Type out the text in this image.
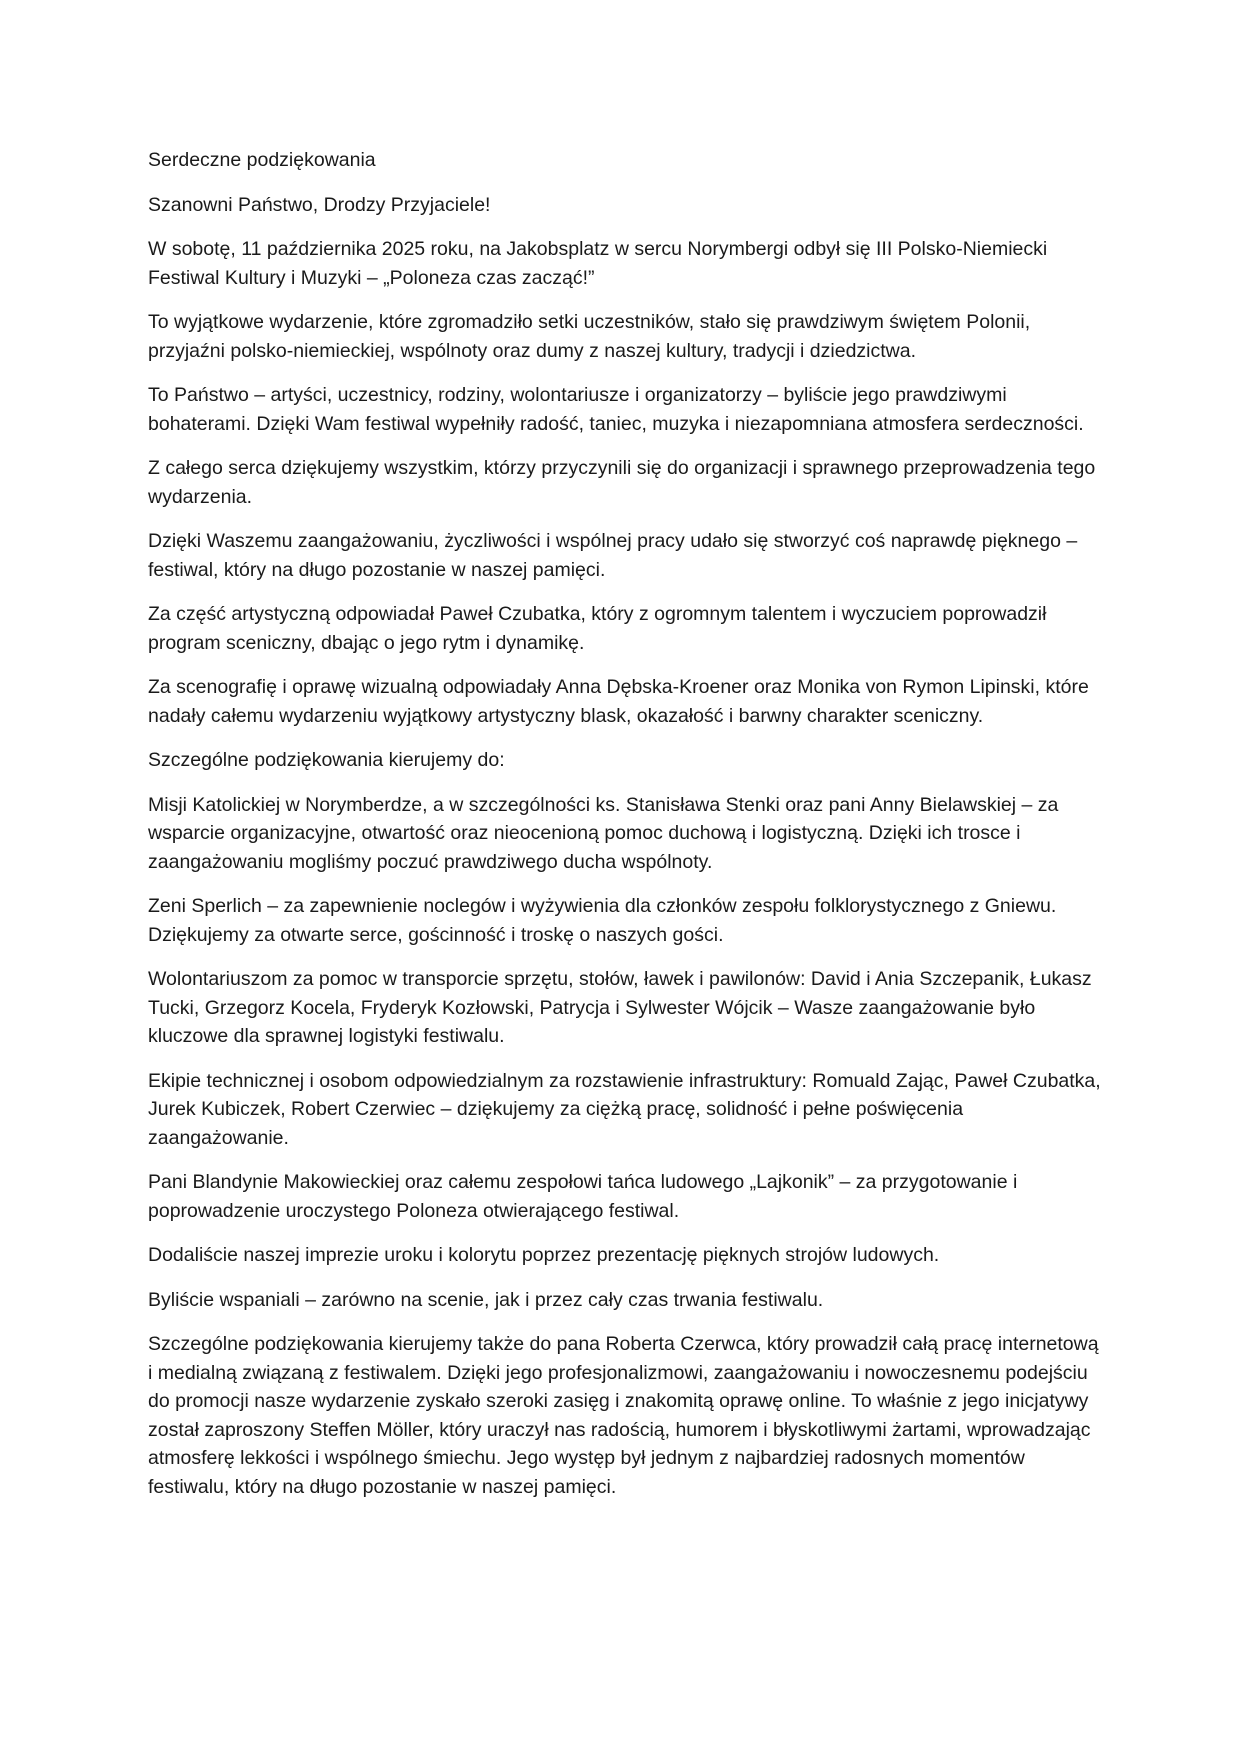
Serdeczne podziękowania

Szanowni Państwo, Drodzy Przyjaciele!

W sobotę, 11 października 2025 roku, na Jakobsplatz w sercu Norymbergi odbył się III Polsko-Niemiecki Festiwal Kultury i Muzyki – „Poloneza czas zacząć!”

To wyjątkowe wydarzenie, które zgromadziło setki uczestników, stało się prawdziwym świętem Polonii, przyjaźni polsko-niemieckiej, wspólnoty oraz dumy z naszej kultury, tradycji i dziedzictwa.

To Państwo – artyści, uczestnicy, rodziny, wolontariusze i organizatorzy – byliście jego prawdziwymi bohaterami. Dzięki Wam festiwal wypełniły radość, taniec, muzyka i niezapomniana atmosfera serdeczności.

Z całego serca dziękujemy wszystkim, którzy przyczynili się do organizacji i sprawnego przeprowadzenia tego wydarzenia.

Dzięki Waszemu zaangażowaniu, życzliwości i wspólnej pracy udało się stworzyć coś naprawdę pięknego – festiwal, który na długo pozostanie w naszej pamięci.

Za część artystyczną odpowiadał Paweł Czubatka, który z ogromnym talentem i wyczuciem poprowadził program sceniczny, dbając o jego rytm i dynamikę.

Za scenografię i oprawę wizualną odpowiadały Anna Dębska-Kroener oraz Monika von Rymon Lipinski, które nadały całemu wydarzeniu wyjątkowy artystyczny blask, okazałość i barwny charakter sceniczny.

Szczególne podziękowania kierujemy do:

Misji Katolickiej w Norymberdze, a w szczególności ks. Stanisława Stenki oraz pani Anny Bielawskiej – za wsparcie organizacyjne, otwartość oraz nieocenioną pomoc duchową i logistyczną. Dzięki ich trosce i zaangażowaniu mogliśmy poczuć prawdziwego ducha wspólnoty.

Zeni Sperlich – za zapewnienie noclegów i wyżywienia dla członków zespołu folklorystycznego z Gniewu. Dziękujemy za otwarte serce, gościnność i troskę o naszych gości.

Wolontariuszom za pomoc w transporcie sprzętu, stołów, ławek i pawilonów: David i Ania Szczepanik, Łukasz Tucki, Grzegorz Kocela, Fryderyk Kozłowski, Patrycja i Sylwester Wójcik – Wasze zaangażowanie było kluczowe dla sprawnej logistyki festiwalu.

Ekipie technicznej i osobom odpowiedzialnym za rozstawienie infrastruktury: Romuald Zając, Paweł Czubatka, Jurek Kubiczek, Robert Czerwiec – dziękujemy za ciężką pracę, solidność i pełne poświęcenia zaangażowanie.

Pani Blandynie Makowieckiej oraz całemu zespołowi tańca ludowego „Lajkonik” – za przygotowanie i poprowadzenie uroczystego Poloneza otwierającego festiwal.

Dodaliście naszej imprezie uroku i kolorytu poprzez prezentację pięknych strojów ludowych.

Byliście wspaniali – zarówno na scenie, jak i przez cały czas trwania festiwalu.

Szczególne podziękowania kierujemy także do pana Roberta Czerwca, który prowadził całą pracę internetową i medialną związaną z festiwalem. Dzięki jego profesjonalizmowi, zaangażowaniu i nowoczesnemu podejściu do promocji nasze wydarzenie zyskało szeroki zasięg i znakomitą oprawę online. To właśnie z jego inicjatywy został zaproszony Steffen Möller, który uraczył nas radością, humorem i błyskotliwymi żartami, wprowadzając atmosferę lekkości i wspólnego śmiechu. Jego występ był jednym z najbardziej radosnych momentów festiwalu, który na długo pozostanie w naszej pamięci.
